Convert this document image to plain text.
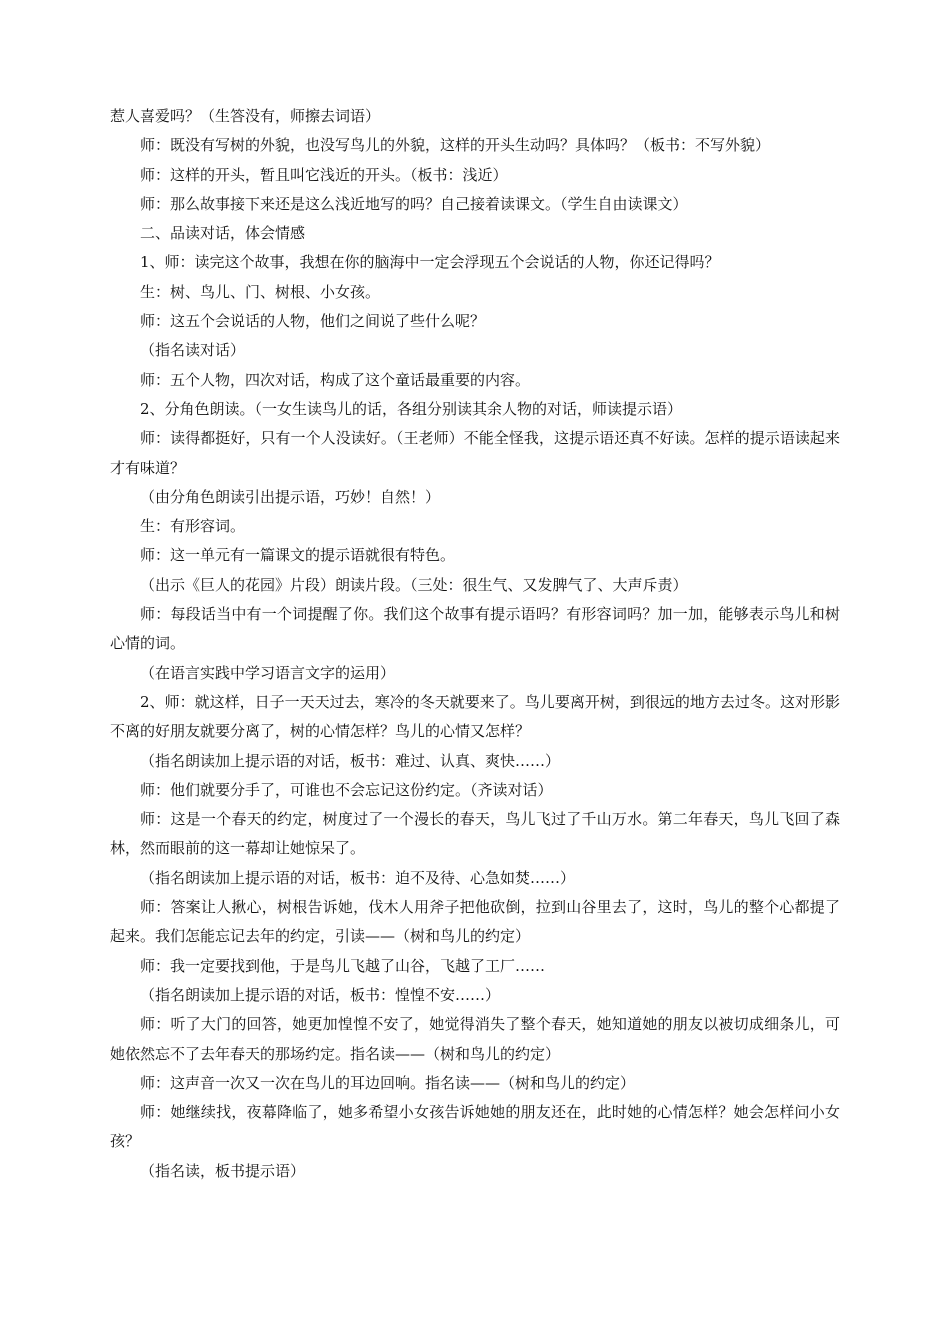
惹人喜爱吗？（生答没有，师擦去词语）

师：既没有写树的外貌，也没写鸟儿的外貌，这样的开头生动吗？具体吗？（板书：不写外貌）

师：这样的开头，暂且叫它浅近的开头。（板书：浅近）

师：那么故事接下来还是这么浅近地写的吗？自己接着读课文。（学生自由读课文）

二、品读对话，体会情感

1、师：读完这个故事，我想在你的脑海中一定会浮现五个会说话的人物，你还记得吗？

生：树、鸟儿、门、树根、小女孩。

师：这五个会说话的人物，他们之间说了些什么呢？

（指名读对话）

师：五个人物，四次对话，构成了这个童话最重要的内容。

2、分角色朗读。（一女生读鸟儿的话，各组分别读其余人物的对话，师读提示语）

师：读得都挺好，只有一个人没读好。（王老师）不能全怪我，这提示语还真不好读。怎样的提示语读起来才有味道？

（由分角色朗读引出提示语，巧妙！自然！）

生：有形容词。

师：这一单元有一篇课文的提示语就很有特色。

（出示《巨人的花园》片段）朗读片段。（三处：很生气、又发脾气了、大声斥责）

师：每段话当中有一个词提醒了你。我们这个故事有提示语吗？有形容词吗？加一加，能够表示鸟儿和树心情的词。

（在语言实践中学习语言文字的运用）

2、师：就这样，日子一天天过去，寒冷的冬天就要来了。鸟儿要离开树，到很远的地方去过冬。这对形影不离的好朋友就要分离了，树的心情怎样？鸟儿的心情又怎样？

（指名朗读加上提示语的对话，板书：难过、认真、爽快……）

师：他们就要分手了，可谁也不会忘记这份约定。（齐读对话）

师：这是一个春天的约定，树度过了一个漫长的春天，鸟儿飞过了千山万水。第二年春天，鸟儿飞回了森林，然而眼前的这一幕却让她惊呆了。

（指名朗读加上提示语的对话，板书：迫不及待、心急如焚……）

师：答案让人揪心，树根告诉她，伐木人用斧子把他砍倒，拉到山谷里去了，这时，鸟儿的整个心都提了起来。我们怎能忘记去年的约定，引读——（树和鸟儿的约定）

师：我一定要找到他，于是鸟儿飞越了山谷，飞越了工厂……

（指名朗读加上提示语的对话，板书：惶惶不安……）

师：听了大门的回答，她更加惶惶不安了，她觉得消失了整个春天，她知道她的朋友以被切成细条儿，可她依然忘不了去年春天的那场约定。指名读——（树和鸟儿的约定）

师：这声音一次又一次在鸟儿的耳边回响。指名读——（树和鸟儿的约定）

师：她继续找，夜幕降临了，她多希望小女孩告诉她她的朋友还在，此时她的心情怎样？她会怎样问小女孩？

（指名读，板书提示语）
